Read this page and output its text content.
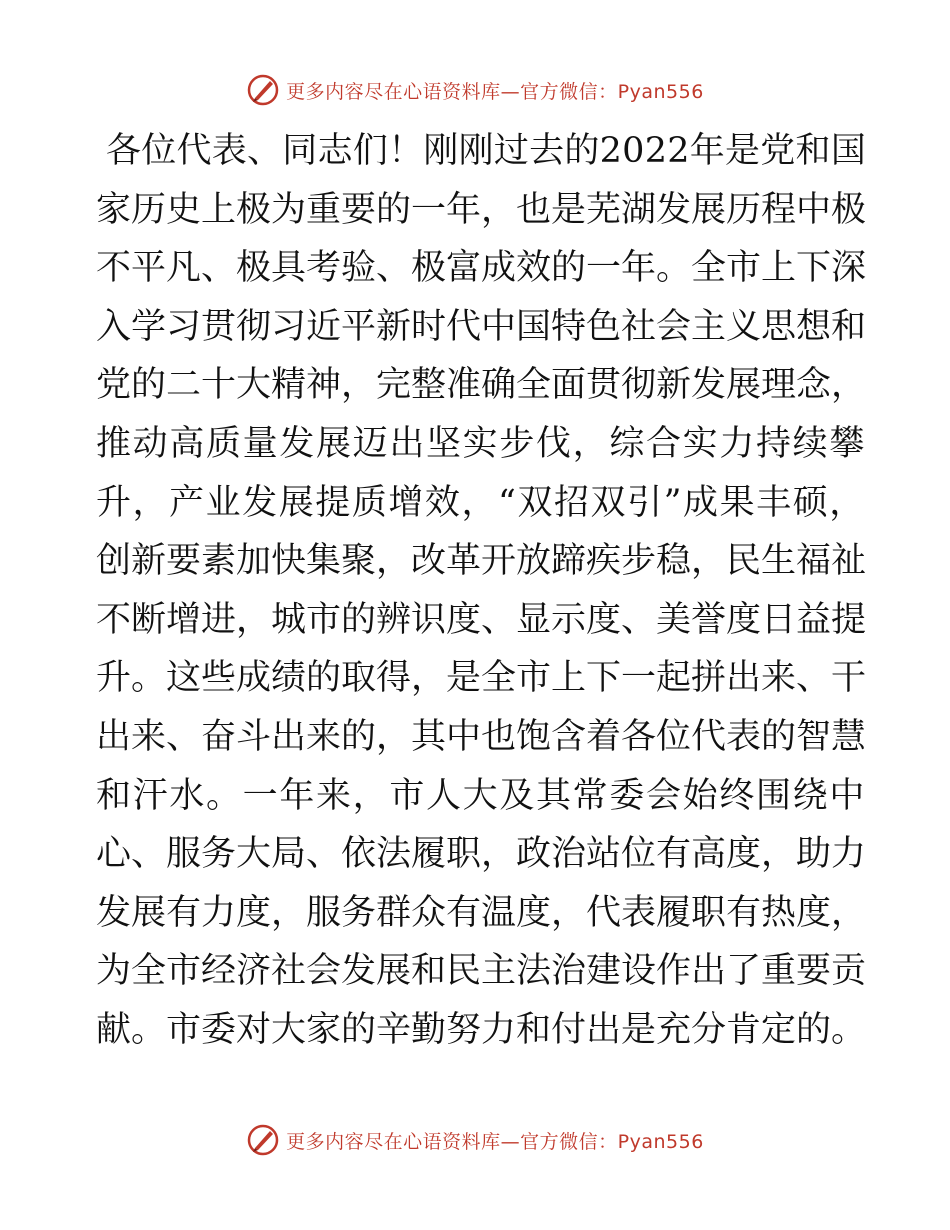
更多内容尽在心语资料库—官方微信：Pyan556
各位代表、同志们！刚刚过去的2022年是党和国
家历史上极为重要的一年，也是芜湖发展历程中极
不平凡、极具考验、极富成效的一年。全市上下深
入学习贯彻习近平新时代中国特色社会主义思想和
党的二十大精神，完整准确全面贯彻新发展理念，
推动高质量发展迈出坚实步伐，综合实力持续攀
升，产业发展提质增效，“双招双引”成果丰硕，
创新要素加快集聚，改革开放蹄疾步稳，民生福祉
不断增进，城市的辨识度、显示度、美誉度日益提
升。这些成绩的取得，是全市上下一起拼出来、干
出来、奋斗出来的，其中也饱含着各位代表的智慧
和汗水。一年来，市人大及其常委会始终围绕中
心、服务大局、依法履职，政治站位有高度，助力
发展有力度，服务群众有温度，代表履职有热度，
为全市经济社会发展和民主法治建设作出了重要贡
献。市委对大家的辛勤努力和付出是充分肯定的。
更多内容尽在心语资料库—官方微信：Pyan556
